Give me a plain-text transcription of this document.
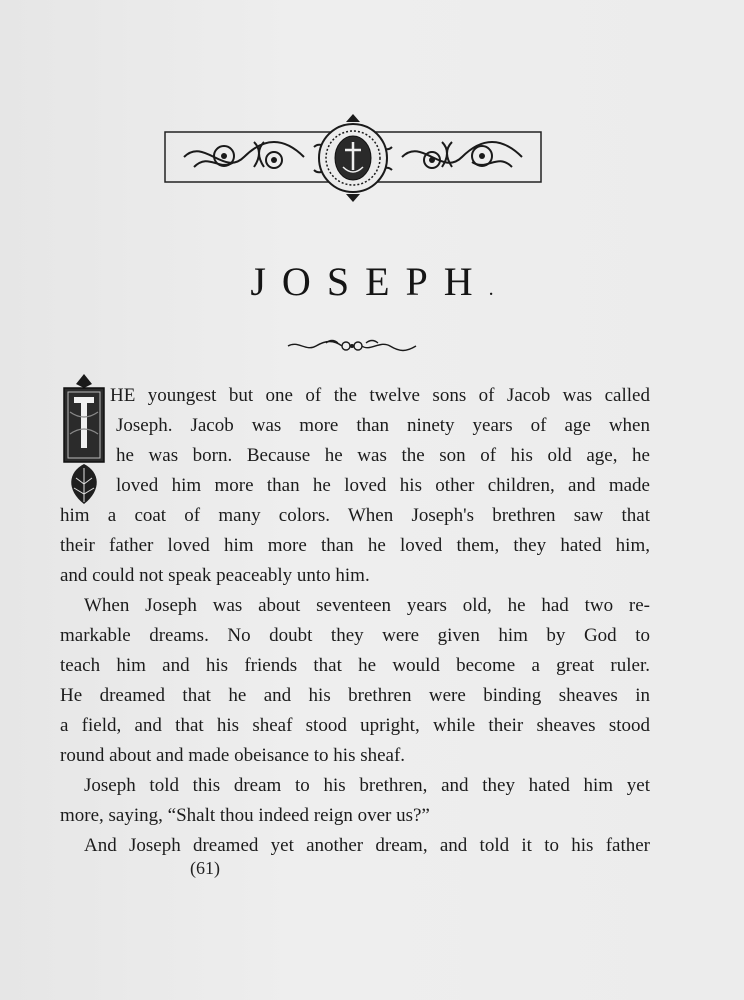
JOSEPH.
HE youngest but one of the twelve sons of Jacob was called
Joseph. Jacob was more than ninety years of age when
he was born. Because he was the son of his old age, he
loved him more than he loved his other children, and made
him a coat of many colors. When Joseph's brethren saw that
their father loved him more than he loved them, they hated him,
and could not speak peaceably unto him.
When Joseph was about seventeen years old, he had two re-
markable dreams. No doubt they were given him by God to
teach him and his friends that he would become a great ruler.
He dreamed that he and his brethren were binding sheaves in
a field, and that his sheaf stood upright, while their sheaves stood
round about and made obeisance to his sheaf.
Joseph told this dream to his brethren, and they hated him yet
more, saying, “Shalt thou indeed reign over us?”
And Joseph dreamed yet another dream, and told it to his father
(61)
